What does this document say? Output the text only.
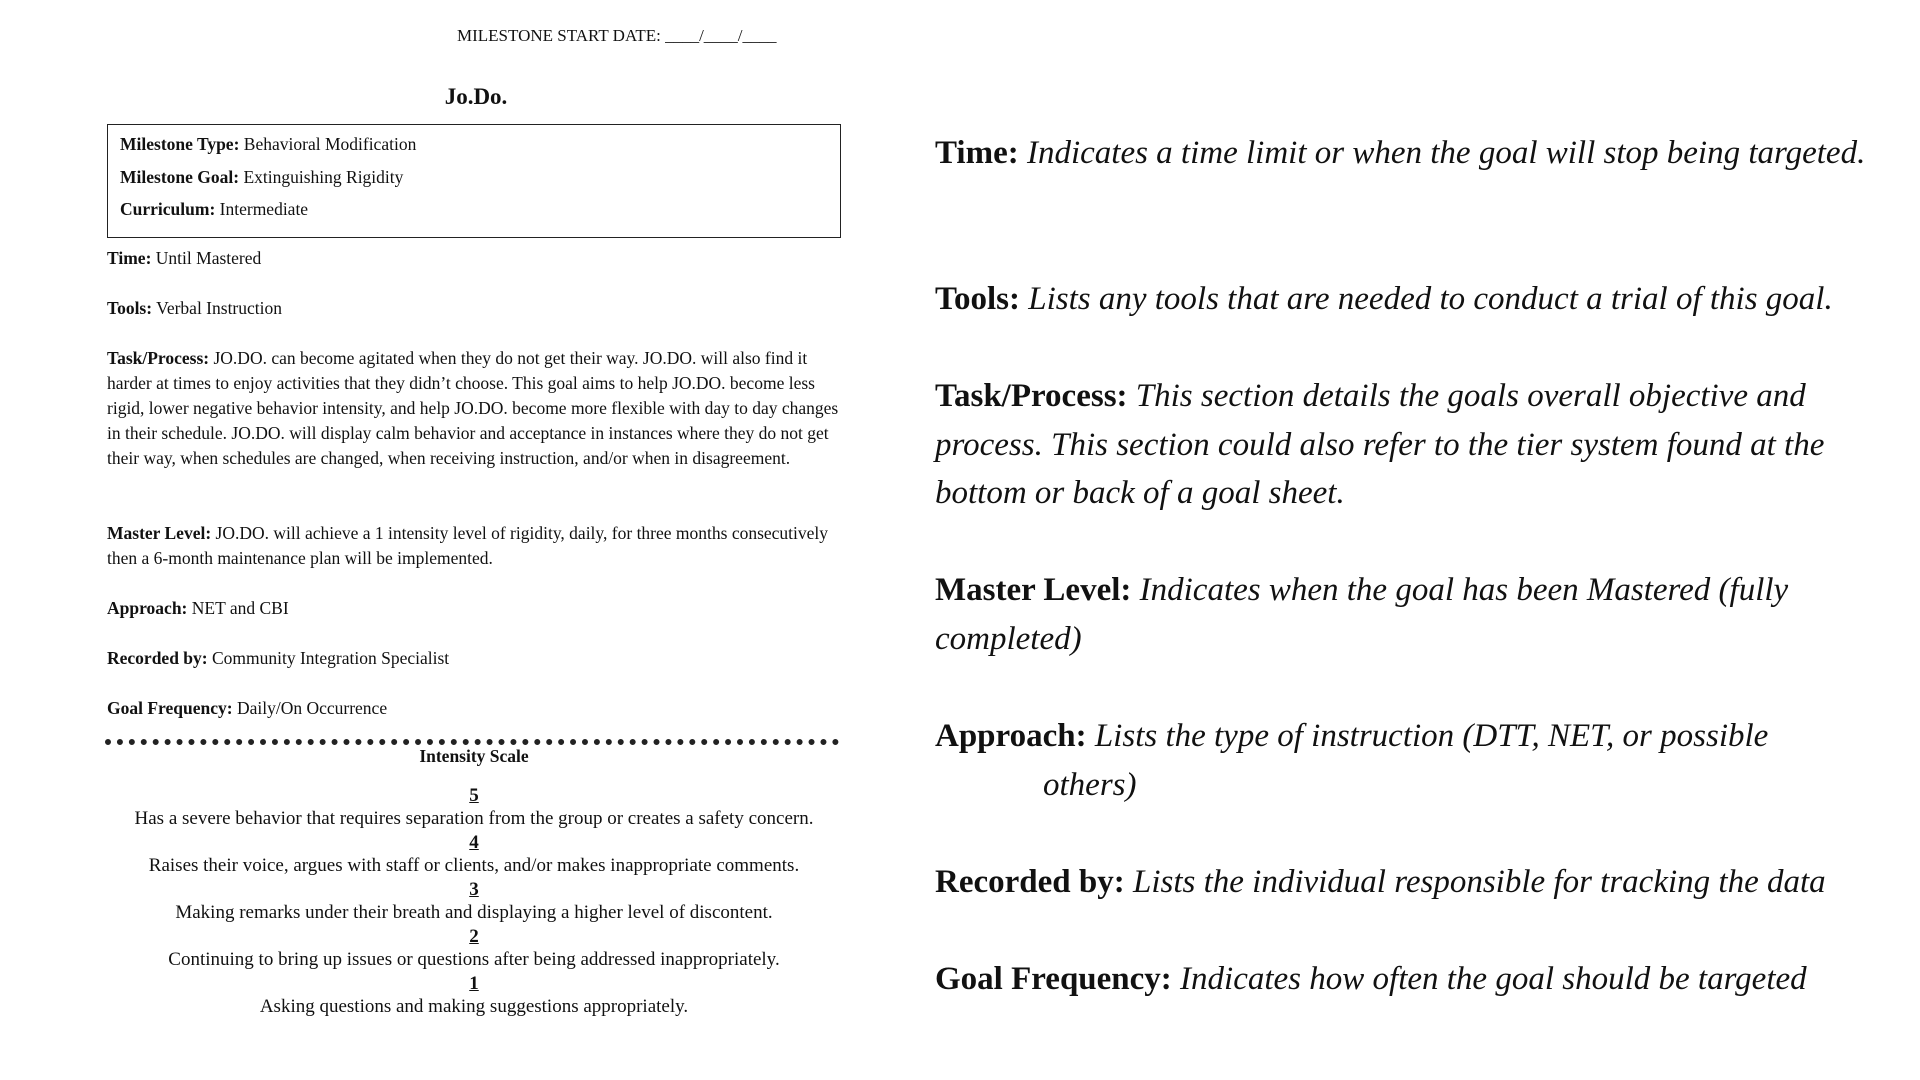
MILESTONE START DATE: ____/____/____
Jo.Do.
Milestone Type: Behavioral Modification
Milestone Goal: Extinguishing Rigidity
Curriculum: Intermediate
Time: Until Mastered
Tools: Verbal Instruction
Task/Process: JO.DO. can become agitated when they do not get their way. JO.DO. will also find it harder at times to enjoy activities that they didn’t choose. This goal aims to help JO.DO. become less rigid, lower negative behavior intensity, and help JO.DO. become more flexible with day to day changes in their schedule. JO.DO. will display calm behavior and acceptance in instances where they do not get their way, when schedules are changed, when receiving instruction, and/or when in disagreement.
Master Level: JO.DO. will achieve a 1 intensity level of rigidity, daily, for three months consecutively then a 6-month maintenance plan will be implemented.
Approach: NET and CBI
Recorded by: Community Integration Specialist
Goal Frequency: Daily/On Occurrence
Intensity Scale
5
Has a severe behavior that requires separation from the group or creates a safety concern.
4
Raises their voice, argues with staff or clients, and/or makes inappropriate comments.
3
Making remarks under their breath and displaying a higher level of discontent.
2
Continuing to bring up issues or questions after being addressed inappropriately.
1
Asking questions and making suggestions appropriately.
Time: Indicates a time limit or when the goal will stop being targeted.
Tools: Lists any tools that are needed to conduct a trial of this goal.
Task/Process: This section details the goals overall objective and process. This section could also refer to the tier system found at the bottom or back of a goal sheet.
Master Level: Indicates when the goal has been Mastered (fully completed)
Approach: Lists the type of instruction (DTT, NET, or possible
others)
Recorded by: Lists the individual responsible for tracking the data
Goal Frequency: Indicates how often the goal should be targeted
